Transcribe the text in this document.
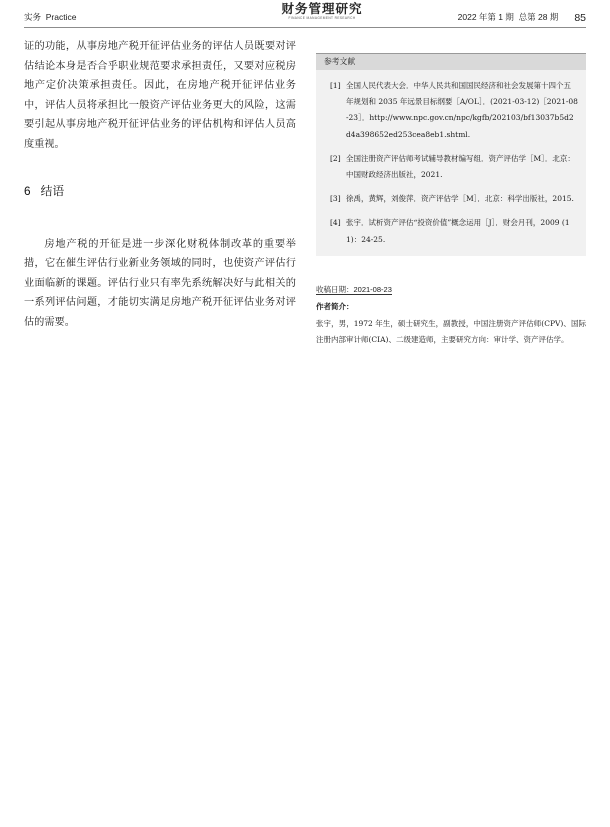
实务 Practice
财务管理研究
FINANCE MANAGEMENT RESEARCH	2022 年第 1 期 总第 28 期 85

证的功能，从事房地产税开征评估业务的评估人员既要对评估结论本身是否合乎职业规范要求承担责任，又要对应税房地产定价决策承担责任。因此，在房地产税开征评估业务中，评估人员将承担比一般资产评估业务更大的风险，这需要引起从事房地产税开征评估业务的评估机构和评估人员高度重视。

6 结语

房地产税的开征是进一步深化财税体制改革的重要举措，它在催生评估行业新业务领域的同时，也使资产评估行业面临新的课题。评估行业只有率先系统解决好与此相关的一系列评估问题，才能切实满足房地产税开征评估业务对评估的需要。

参考文献
[1] 全国人民代表大会．中华人民共和国国民经济和社会发展第十四个五年规划和 2035 年远景目标纲要［A/OL］．(2021-03-12)［2021-08-23］．http://www.npc.gov.cn/npc/kgfb/202103/bf13037b5d2d4a398652ed253cea8eb1.shtml.
[2] 全国注册资产评估师考试辅导教材编写组．资产评估学［M］．北京：中国财政经济出版社，2021.
[3] 徐禹，黄辉，刘俊萍．资产评估学［M］．北京：科学出版社，2015.
[4] 张宇．试析资产评估“投资价值”概念运用［J］．财会月刊，2009 (11)：24-25.
收稿日期：2021-08-23
作者简介：
张宇，男，1972 年生，硕士研究生，副教授，中国注册资产评估师(CPV)、国际注册内部审计师(CIA)、二级建造师，主要研究方向：审计学、资产评估学。
